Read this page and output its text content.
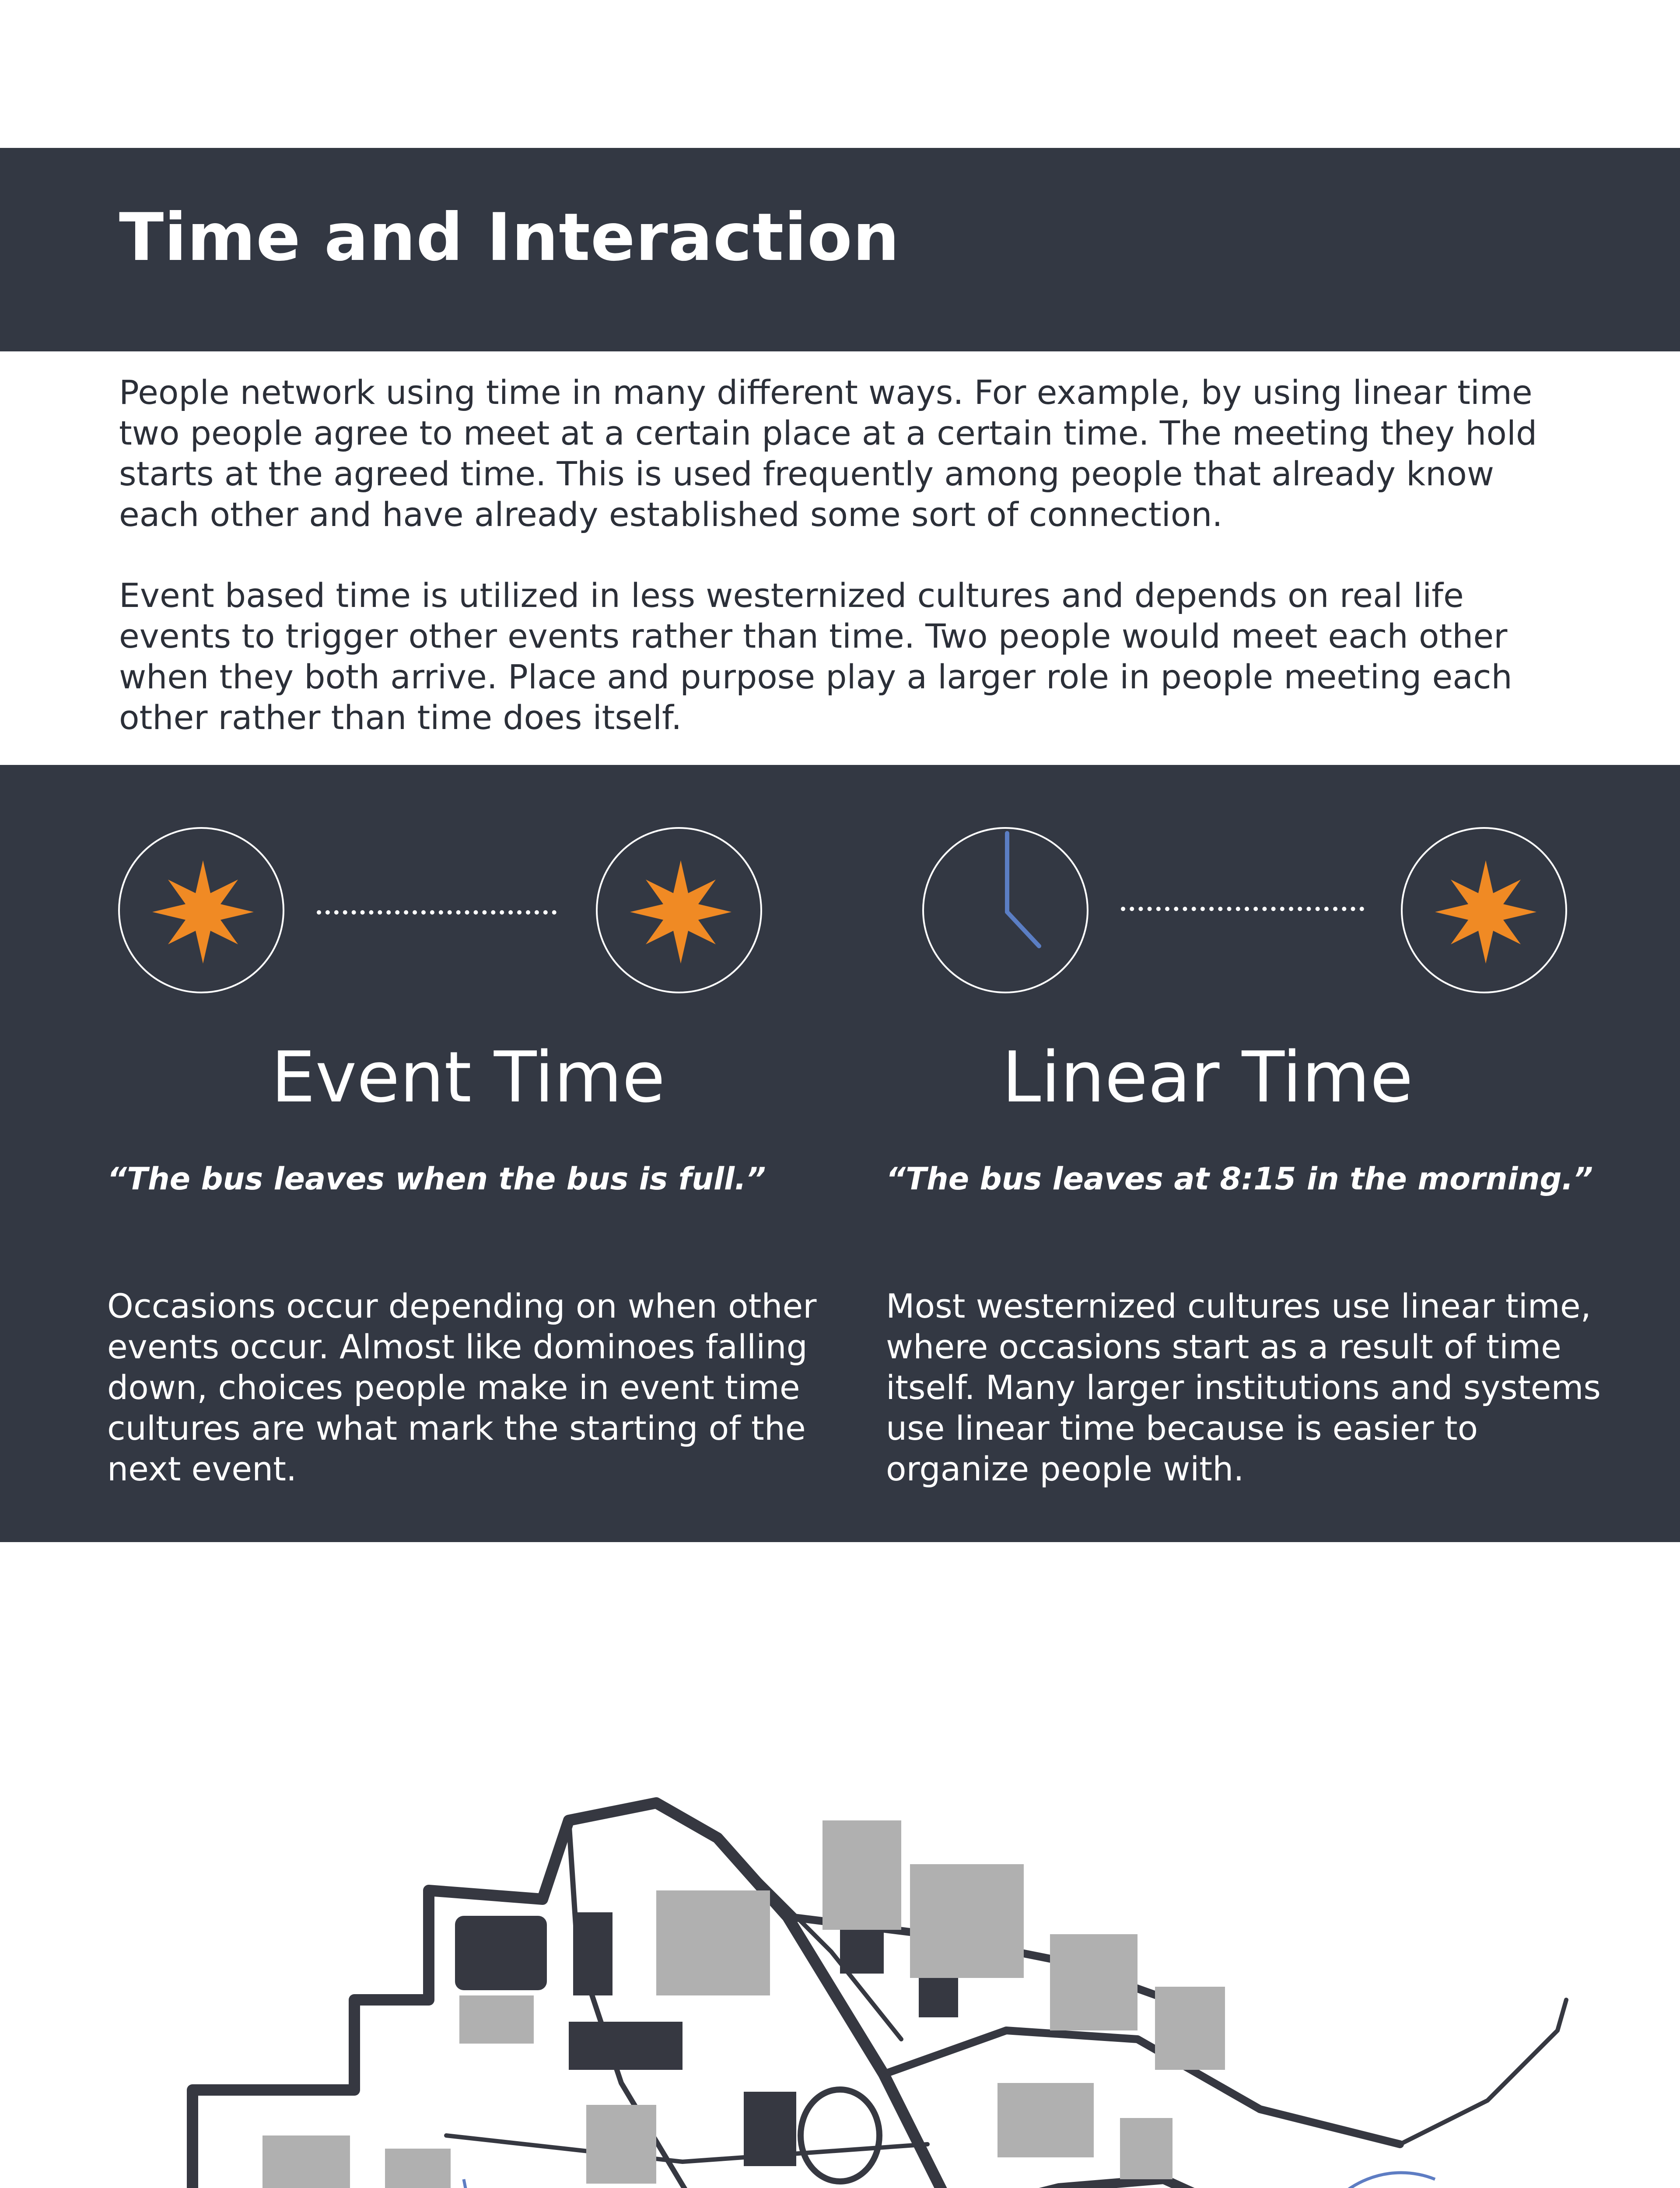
Time and Interaction

People network using time in many different ways. For example, by using linear time two people agree to meet at a certain place at a certain time. The meeting they hold starts at the agreed time. This is used frequently among people that already know each other and have already established some sort of connection.

Event based time is utilized in less westernized cultures and depends on real life events to trigger other events rather than time. Two people would meet each other when they both arrive. Place and purpose play a larger role in people meeting each other rather than time does itself.

Event Time	Linear Time

“The bus leaves when the bus is full.”	“The bus leaves at 8:15 in the morning.”

Occasions occur depending on when other events occur. Almost like dominoes falling down, choices people make in event time cultures are what mark the starting of the next event.

Most westernized cultures use linear time, where occasions start as a result of time itself. Many larger institutions and systems use linear time because is easier to organize people with.
